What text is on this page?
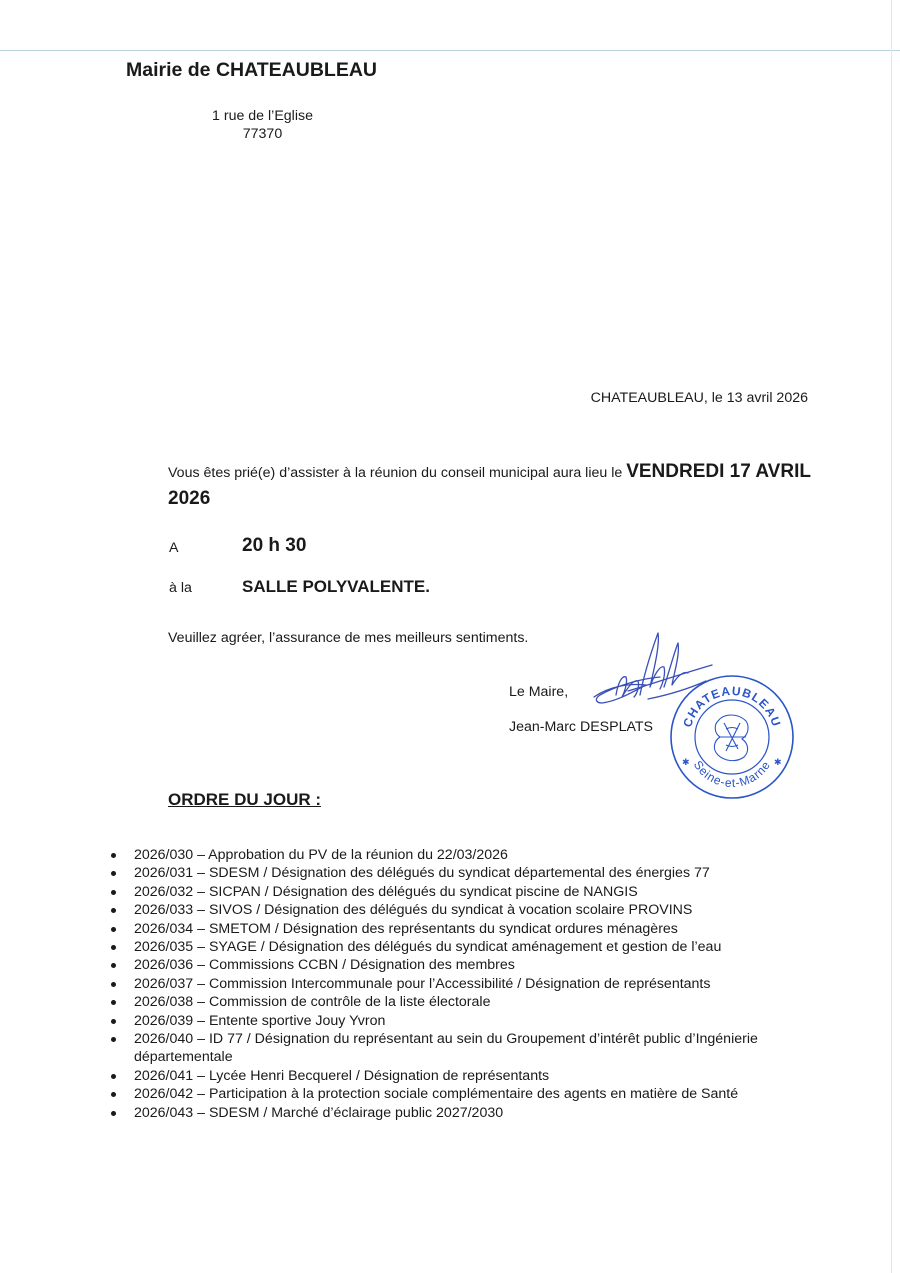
Mairie de CHATEAUBLEAU
1 rue de l’Eglise
77370
CHATEAUBLEAU, le 13 avril 2026
Vous êtes prié(e) d’assister à la réunion du conseil municipal aura lieu le VENDREDI 17 AVRIL 2026
A	20 h 30
à la	SALLE POLYVALENTE.
Veuillez agréer, l’assurance de mes meilleurs sentiments.
Le Maire,
Jean-Marc DESPLATS CHATEAUBLEAU
Seine-et-Marne
✱	✱
ORDRE DU JOUR :
2026/030 – Approbation du PV de la réunion du 22/03/2026
2026/031 – SDESM / Désignation des délégués du syndicat départemental des énergies 77
2026/032 – SICPAN / Désignation des délégués du syndicat piscine de NANGIS
2026/033 – SIVOS / Désignation des délégués du syndicat à vocation scolaire PROVINS
2026/034 – SMETOM / Désignation des représentants du syndicat ordures ménagères
2026/035 – SYAGE / Désignation des délégués du syndicat aménagement et gestion de l’eau
2026/036 – Commissions CCBN / Désignation des membres
2026/037 – Commission Intercommunale pour l’Accessibilité / Désignation de représentants
2026/038 – Commission de contrôle de la liste électorale
2026/039 – Entente sportive Jouy Yvron
2026/040 – ID 77 / Désignation du représentant au sein du Groupement d’intérêt public d’Ingénierie départementale
2026/041 – Lycée Henri Becquerel / Désignation de représentants
2026/042 – Participation à la protection sociale complémentaire des agents en matière de Santé
2026/043 – SDESM / Marché d’éclairage public 2027/2030
